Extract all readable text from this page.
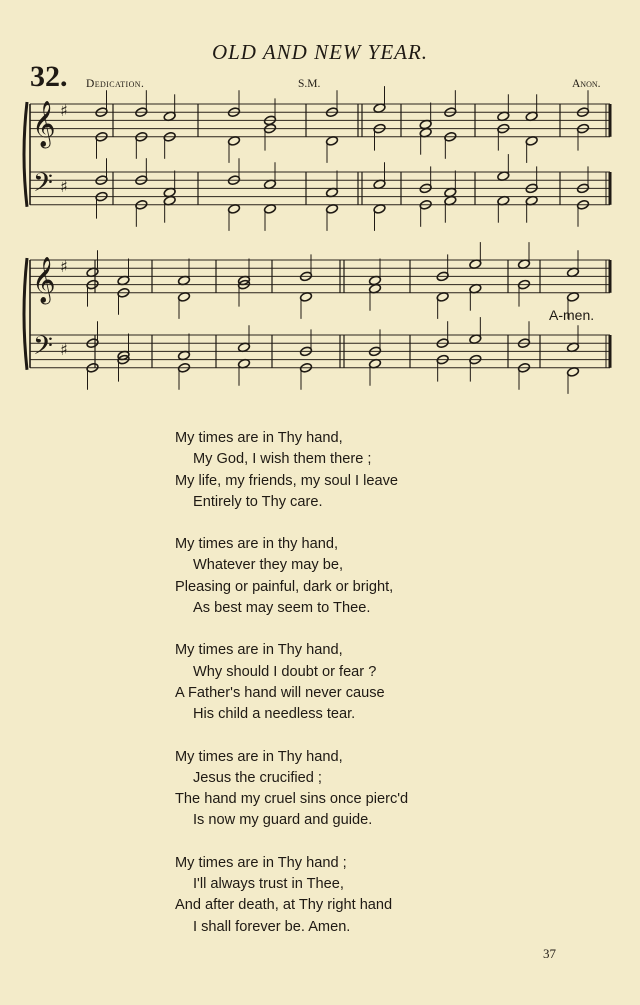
OLD AND NEW YEAR.
32. Dedication.	S.M.	Anon.
𝄞 ♯
𝄢 ♯
𝄞 ♯
𝄢 ♯
A-men.
My times are in Thy hand,
My God, I wish them there ;
My life, my friends, my soul I leave
Entirely to Thy care.
My times are in thy hand,
Whatever they may be,
Pleasing or painful, dark or bright,
As best may seem to Thee.
My times are in Thy hand,
Why should I doubt or fear ?
A Father's hand will never cause
His child a needless tear.
My times are in Thy hand,
Jesus the crucified ;
The hand my cruel sins once pierc'd
Is now my guard and guide.
My times are in Thy hand ;
I'll always trust in Thee,
And after death, at Thy right hand
I shall forever be. Amen.
37
